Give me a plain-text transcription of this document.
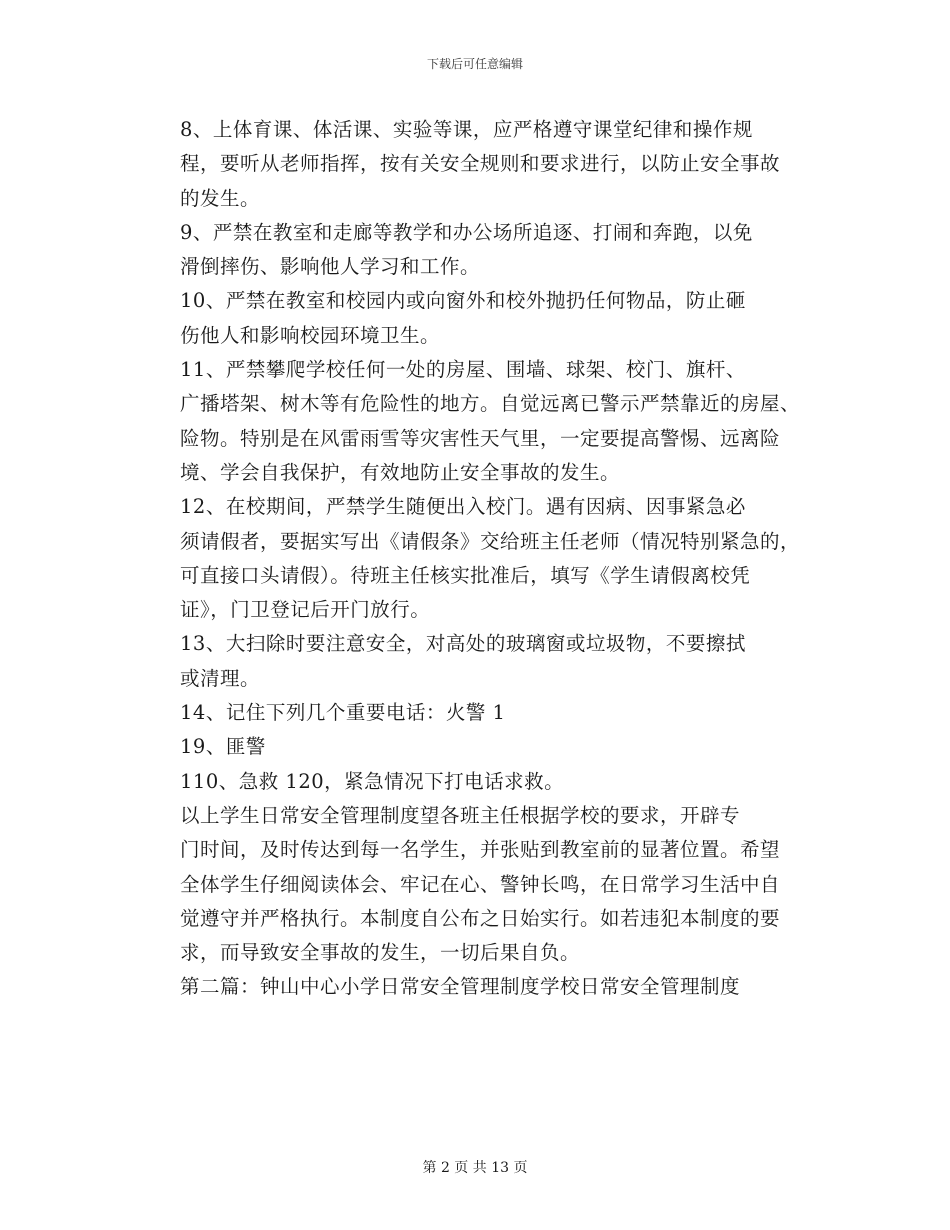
下载后可任意编辑

8、上体育课、体活课、实验等课，应严格遵守课堂纪律和操作规
程，要听从老师指挥，按有关安全规则和要求进行，以防止安全事故
的发生。

9、严禁在教室和走廊等教学和办公场所追逐、打闹和奔跑，以免
滑倒摔伤、影响他人学习和工作。

10、严禁在教室和校园内或向窗外和校外抛扔任何物品，防止砸
伤他人和影响校园环境卫生。

11、严禁攀爬学校任何一处的房屋、围墙、球架、校门、旗杆、
广播塔架、树木等有危险性的地方。自觉远离已警示严禁靠近的房屋、
险物。特别是在风雷雨雪等灾害性天气里，一定要提高警惕、远离险
境、学会自我保护，有效地防止安全事故的发生。

12、在校期间，严禁学生随便出入校门。遇有因病、因事紧急必
须请假者，要据实写出《请假条》交给班主任老师（情况特别紧急的，
可直接口头请假）。待班主任核实批准后，填写《学生请假离校凭
证》，门卫登记后开门放行。

13、大扫除时要注意安全，对高处的玻璃窗或垃圾物，不要擦拭
或清理。

14、记住下列几个重要电话：火警 1

19、匪警

110、急救 120，紧急情况下打电话求救。

以上学生日常安全管理制度望各班主任根据学校的要求，开辟专
门时间，及时传达到每一名学生，并张贴到教室前的显著位置。希望
全体学生仔细阅读体会、牢记在心、警钟长鸣，在日常学习生活中自
觉遵守并严格执行。本制度自公布之日始实行。如若违犯本制度的要
求，而导致安全事故的发生，一切后果自负。

第二篇：钟山中心小学日常安全管理制度学校日常安全管理制度

第 2 页 共 13 页
